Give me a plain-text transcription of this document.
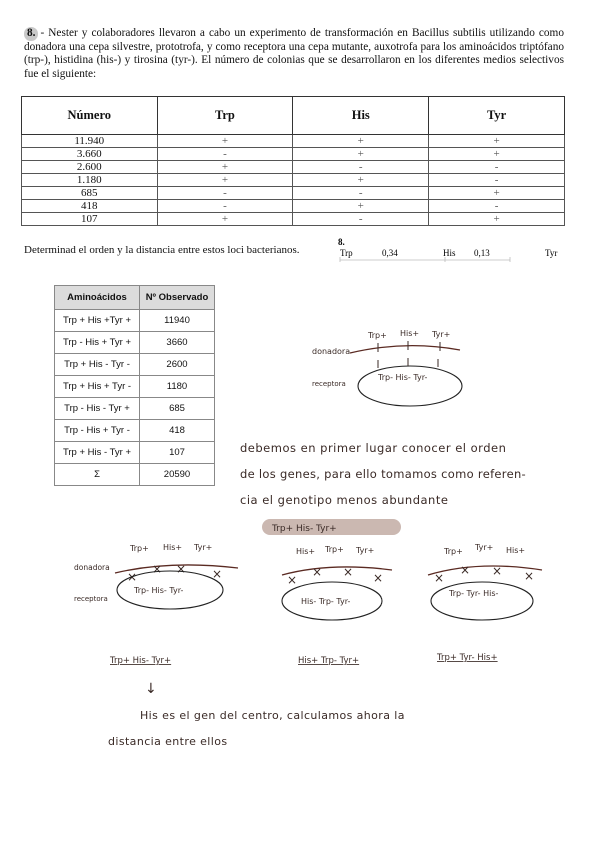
8. - Nester y colaboradores llevaron a cabo un experimento de transformación en Bacillus subtilis utilizando como donadora una cepa silvestre, prototrofa, y como receptora una cepa mutante, auxotrofa para los aminoácidos triptófano (trp-), histidina (his-) y tirosina (tyr-). El número de colonias que se desarrollaron en los diferentes medios selectivos fue el siguiente:
Número	Trp	His	Tyr
11.940	+	+	+
3.660	-	+	+
2.600	+	-	-
1.180	+	+	-
685	-	-	+
418	-	+	-
107	+	-	+
Determinad el orden y la distancia entre estos loci bacterianos.
8.
Trp	0,34	His 0,13	Tyr
Aminoácidos	Nº Observado
Trp + His +Tyr +	11940
Trp - His + Tyr +	3660
Trp + His - Tyr -	2600
Trp + His + Tyr -	1180
Trp - His - Tyr +	685
Trp - His + Tyr -	418
Trp + His - Tyr +	107
Σ	20590
donadora
receptora
Trp+ His+ Tyr+
Trp- His- Tyr-
debemos en primer lugar conocer el orden
de los genes, para ello tomamos como referen-
cia el genotipo menos abundante
Trp+ His- Tyr+
donadora
receptora
Trp+ His+ Tyr+
×
× × ×
Trp- His- Tyr-
His+ Trp+ Tyr+
×
× × ×
His- Trp- Tyr-
Trp+ Tyr+ His+
×
× × ×
Trp- Tyr- His-
Trp+ His- Tyr+	His+ Trp- Tyr+	Trp+ Tyr- His+
↓
His es el gen del centro, calculamos ahora la
distancia entre ellos
